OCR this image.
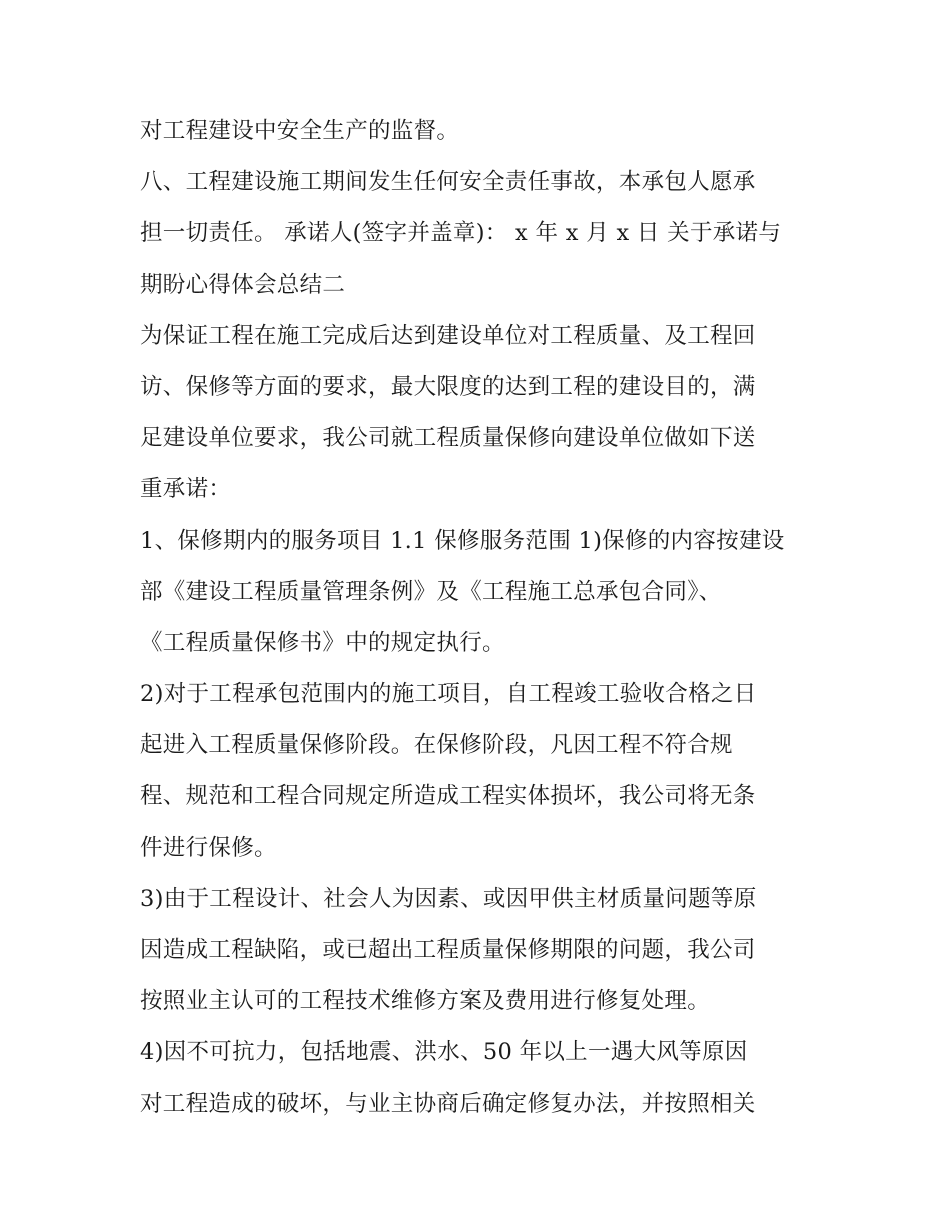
对工程建设中安全生产的监督。
八、工程建设施工期间发生任何安全责任事故，本承包人愿承
担一切责任。 承诺人(签字并盖章)： x 年 x 月 x 日 关于承诺与
期盼心得体会总结二
为保证工程在施工完成后达到建设单位对工程质量、及工程回
访、保修等方面的要求，最大限度的达到工程的建设目的，满
足建设单位要求，我公司就工程质量保修向建设单位做如下送
重承诺：
1、保修期内的服务项目 1.1 保修服务范围 1)保修的内容按建设
部《建设工程质量管理条例》及《工程施工总承包合同》、
《工程质量保修书》中的规定执行。
2)对于工程承包范围内的施工项目，自工程竣工验收合格之日
起进入工程质量保修阶段。在保修阶段，凡因工程不符合规
程、规范和工程合同规定所造成工程实体损坏，我公司将无条
件进行保修。
3)由于工程设计、社会人为因素、或因甲供主材质量问题等原
因造成工程缺陷，或已超出工程质量保修期限的问题，我公司
按照业主认可的工程技术维修方案及费用进行修复处理。
4)因不可抗力，包括地震、洪水、50 年以上一遇大风等原因
对工程造成的破坏，与业主协商后确定修复办法，并按照相关
